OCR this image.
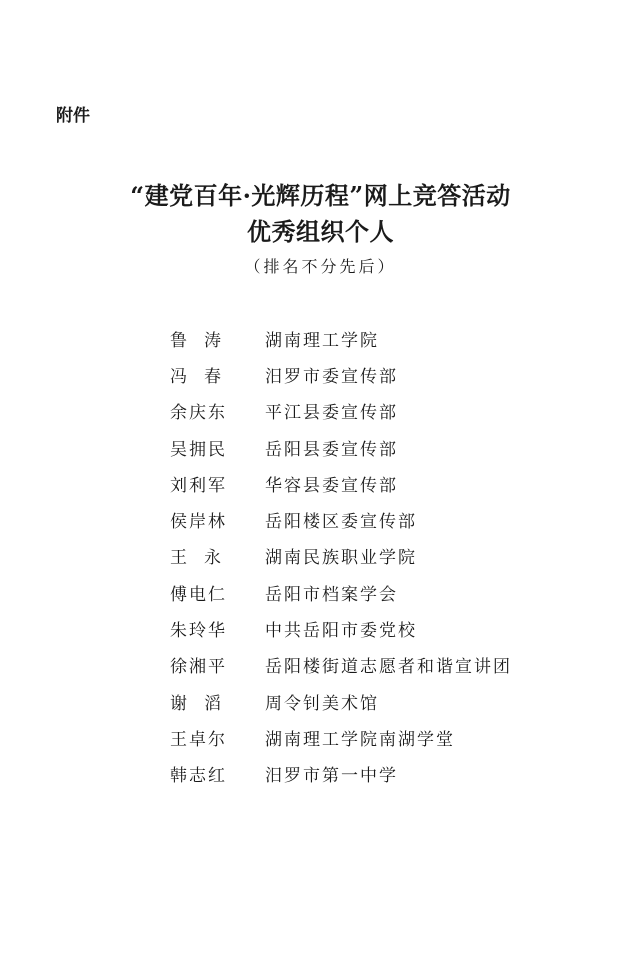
附件
“建党百年·光辉历程”网上竞答活动
优秀组织个人
（排名不分先后）
鲁 涛	湖南理工学院
冯 春	汨罗市委宣传部
余庆东	平江县委宣传部
吴拥民	岳阳县委宣传部
刘利军	华容县委宣传部
侯岸林	岳阳楼区委宣传部
王 永	湖南民族职业学院
傅电仁	岳阳市档案学会
朱玲华	中共岳阳市委党校
徐湘平	岳阳楼街道志愿者和谐宣讲团
谢 滔	周令钊美术馆
王卓尔	湖南理工学院南湖学堂
韩志红	汨罗市第一中学
